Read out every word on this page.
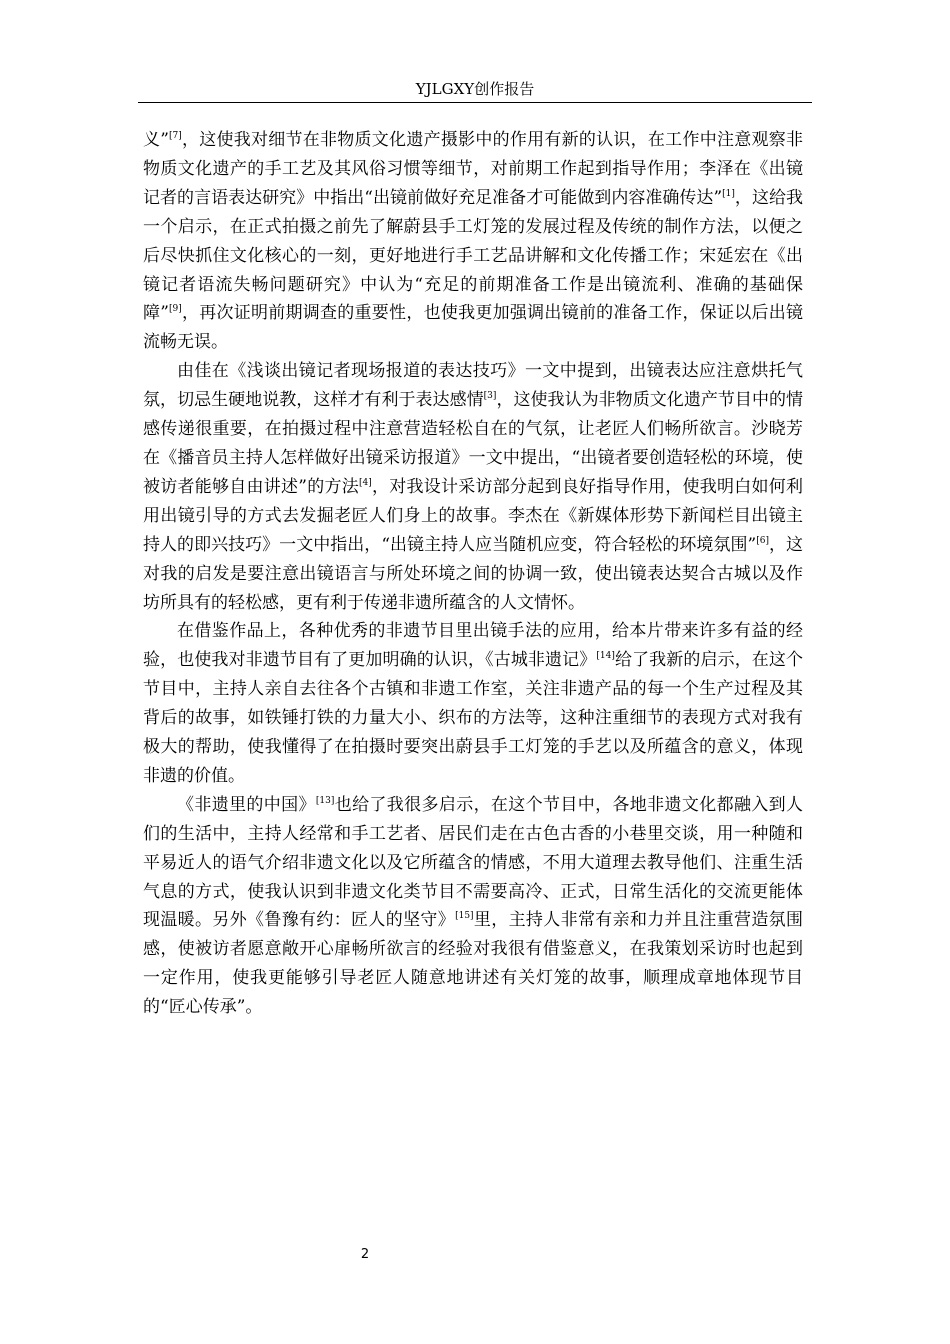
YJLGXY创作报告

义”[7]，这使我对细节在非物质文化遗产摄影中的作用有新的认识，在工作中注意观察非物质文化遗产的手工艺及其风俗习惯等细节，对前期工作起到指导作用；李泽在《出镜记者的言语表达研究》中指出“出镜前做好充足准备才可能做到内容准确传达”[1]，这给我一个启示，在正式拍摄之前先了解蔚县手工灯笼的发展过程及传统的制作方法，以便之后尽快抓住文化核心的一刻，更好地进行手工艺品讲解和文化传播工作；宋延宏在《出镜记者语流失畅问题研究》中认为“充足的前期准备工作是出镜流利、准确的基础保障”[9]，再次证明前期调查的重要性，也使我更加强调出镜前的准备工作，保证以后出镜流畅无误。

由佳在《浅谈出镜记者现场报道的表达技巧》一文中提到，出镜表达应注意烘托气氛，切忌生硬地说教，这样才有利于表达感情[3]，这使我认为非物质文化遗产节目中的情感传递很重要，在拍摄过程中注意营造轻松自在的气氛，让老匠人们畅所欲言。沙晓芳在《播音员主持人怎样做好出镜采访报道》一文中提出，“出镜者要创造轻松的环境，使被访者能够自由讲述”的方法[4]，对我设计采访部分起到良好指导作用，使我明白如何利用出镜引导的方式去发掘老匠人们身上的故事。李杰在《新媒体形势下新闻栏目出镜主持人的即兴技巧》一文中指出，“出镜主持人应当随机应变，符合轻松的环境氛围”[6]，这对我的启发是要注意出镜语言与所处环境之间的协调一致，使出镜表达契合古城以及作坊所具有的轻松感，更有利于传递非遗所蕴含的人文情怀。

在借鉴作品上，各种优秀的非遗节目里出镜手法的应用，给本片带来许多有益的经验，也使我对非遗节目有了更加明确的认识，《古城非遗记》[14]给了我新的启示，在这个节目中，主持人亲自去往各个古镇和非遗工作室，关注非遗产品的每一个生产过程及其背后的故事，如铁锤打铁的力量大小、织布的方法等，这种注重细节的表现方式对我有极大的帮助，使我懂得了在拍摄时要突出蔚县手工灯笼的手艺以及所蕴含的意义，体现非遗的价值。

《非遗里的中国》[13]也给了我很多启示，在这个节目中，各地非遗文化都融入到人们的生活中，主持人经常和手工艺者、居民们走在古色古香的小巷里交谈，用一种随和平易近人的语气介绍非遗文化以及它所蕴含的情感，不用大道理去教导他们、注重生活气息的方式，使我认识到非遗文化类节目不需要高冷、正式，日常生活化的交流更能体现温暖。另外《鲁豫有约：匠人的坚守》[15]里，主持人非常有亲和力并且注重营造氛围感，使被访者愿意敞开心扉畅所欲言的经验对我很有借鉴意义，在我策划采访时也起到一定作用，使我更能够引导老匠人随意地讲述有关灯笼的故事，顺理成章地体现节目的“匠心传承”。

2
